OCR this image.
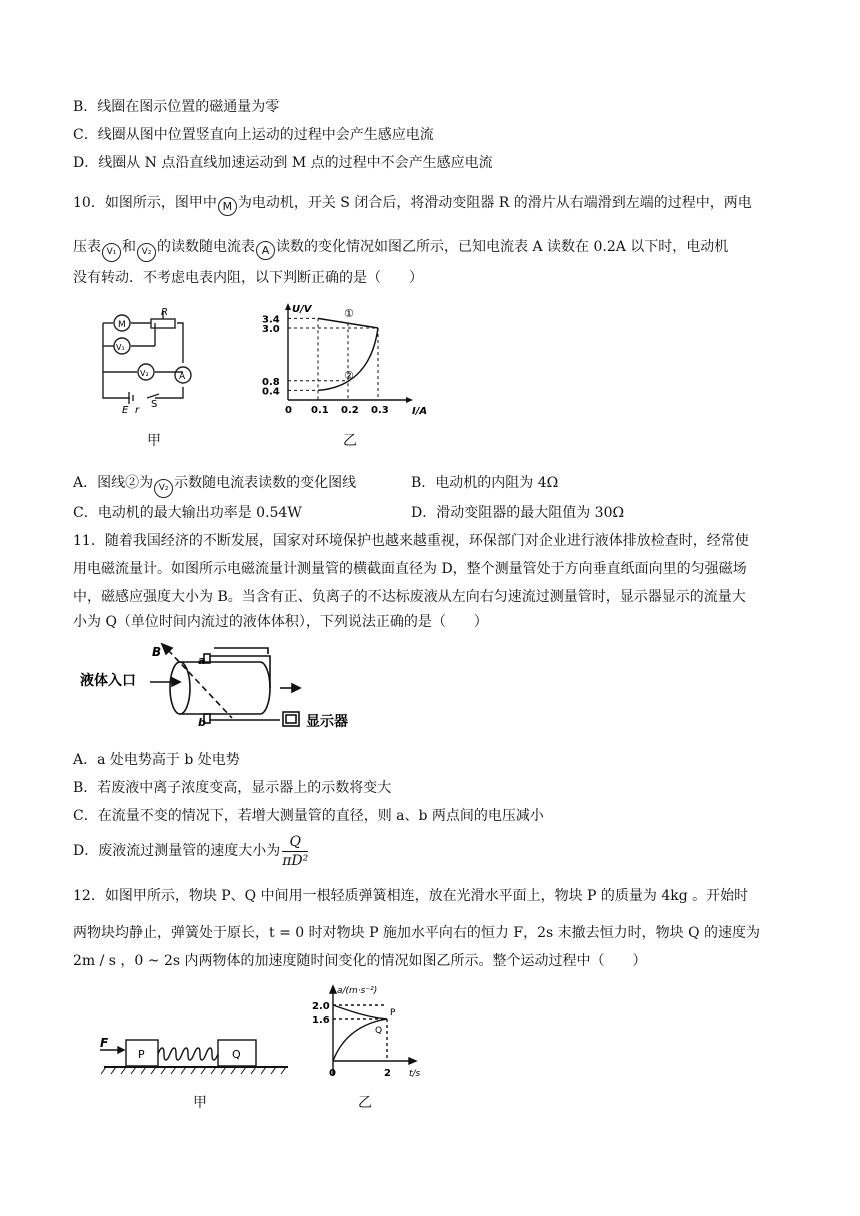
B．线圈在图示位置的磁通量为零
C．线圈从图中位置竖直向上运动的过程中会产生感应电流
D．线圈从 N 点沿直线加速运动到 M 点的过程中不会产生感应电流
10．如图所示，图甲中 M 为电动机，开关 S 闭合后，将滑动变阻器 R 的滑片从右端滑到左端的过程中，两电
压表 V₁ 和 V₂ 的读数随电流表 A 读数的变化情况如图乙所示，已知电流表 A 读数在 0.2A 以下时，电动机
没有转动．不考虑电表内阻，以下判断正确的是（　　）
R
M
V₁
V₂	A
E r
S
甲
U/V
I/A
0 0.1 0.2 0.3
0.4
0.8
3.0
3.4
①
②
乙
A．图线②为 V₂ 示数随电流表读数的变化图线	B．电动机的内阻为 4Ω
C．电动机的最大输出功率是 0.54W	D．滑动变阻器的最大阻值为 30Ω
11．随着我国经济的不断发展，国家对环境保护也越来越重视，环保部门对企业进行液体排放检查时，经常使
用电磁流量计。如图所示电磁流量计测量管的横截面直径为 D，整个测量管处于方向垂直纸面向里的匀强磁场
中，磁感应强度大小为 B。当含有正、负离子的不达标废液从左向右匀速流过测量管时，显示器显示的流量大
小为 Q（单位时间内流过的液体体积），下列说法正确的是（　　）
液体入口
显示器
B
a
b
A．a 处电势高于 b 处电势
B．若废液中离子浓度变高，显示器上的示数将变大
C．在流量不变的情况下，若增大测量管的直径，则 a、b 两点间的电压减小
D．废液流过测量管的速度大小为 $\frac{Q}{\text{πD²}}$
12．如图甲所示，物块 P、Q 中间用一根轻质弹簧相连，放在光滑水平面上，物块 P 的质量为 4kg 。开始时
两物块均静止，弹簧处于原长，t = 0 时对物块 P 施加水平向右的恒力 F，2s 末撤去恒力时，物块 Q 的速度为
2m / s ，0 ~ 2s 内两物体的加速度随时间变化的情况如图乙所示。整个运动过程中（　　）
F
P	Q
甲
a/(m·s⁻²)
t/s
2.0
1.6
0	2
P
Q
乙
